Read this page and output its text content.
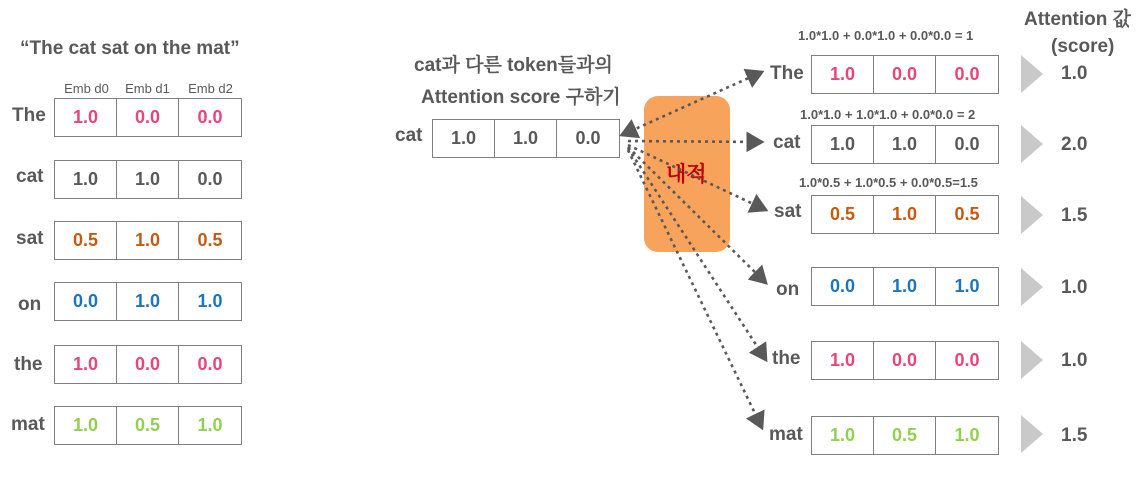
“The cat sat on the mat”
Emb d0	Emb d1	Emb d2
The	1.0	0.0	0.0
cat	1.0	1.0	0.0
sat	0.5	1.0	0.5
on	0.0	1.0	1.0
the	1.0	0.0	0.0
mat	1.0	0.5	1.0
cat과 다른 token들과의
Attention score 구하기
내적
cat	1.0	1.0	0.0
Attention 값
(score)
1.0*1.0 + 0.0*1.0 + 0.0*0.0 = 1
1.0*1.0 + 1.0*1.0 + 0.0*0.0 = 2
1.0*0.5 + 1.0*0.5 + 0.0*0.5=1.5
The	1.0	0.0	0.0	1.0
cat	1.0	1.0	0.0	2.0
sat	0.5	1.0	0.5	1.5
on	0.0	1.0	1.0	1.0
the	1.0	0.0	0.0	1.0
mat	1.0	0.5	1.0	1.5
